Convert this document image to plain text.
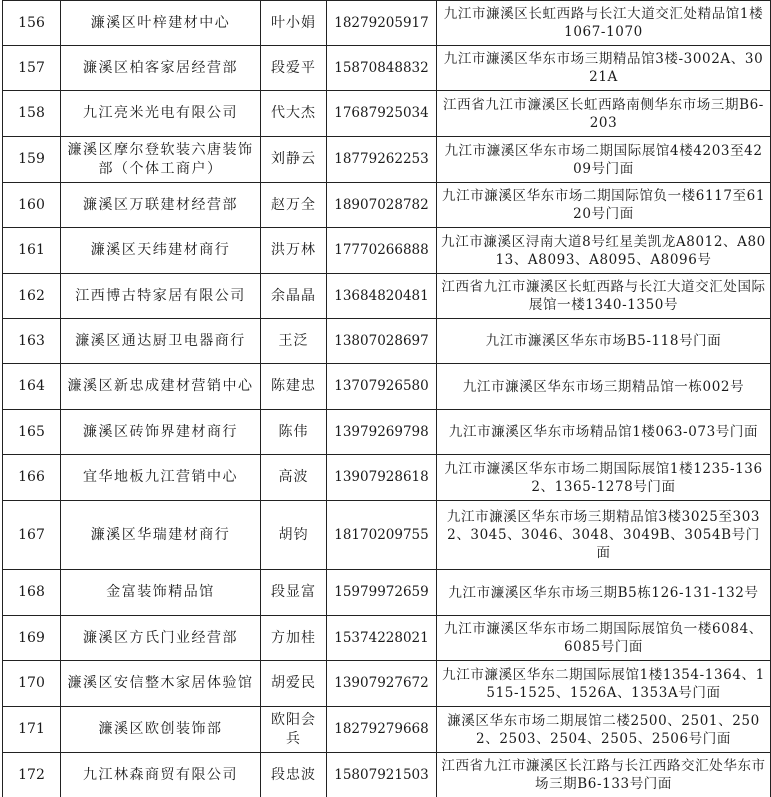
156	濂溪区叶梓建材中心	叶小娟	18279205917	九江市濂溪区长虹西路与长江大道交汇处精品馆1楼1067-1070
157	濂溪区柏客家居经营部	段爱平	15870848832	九江市濂溪区华东市场三期精品馆3楼-3002A、3021A
158	九江亮米光电有限公司	代大杰	17687925034	江西省九江市濂溪区长虹西路南侧华东市场三期B6-203
159	濂溪区摩尔登软装六唐装饰部（个体工商户）	刘静云	18779262253	九江市濂溪区华东市场二期国际展馆4楼4203至4209号门面
160	濂溪区万联建材经营部	赵万全	18907028782	九江市濂溪区华东市场二期国际馆负一楼6117至6120号门面
161	濂溪区天纬建材商行	洪万林	17770266888	九江市濂溪区浔南大道8号红星美凯龙A8012、A8013、A8093、A8095、A8096号
162	江西博古特家居有限公司	余晶晶	13684820481	江西省九江市濂溪区长虹西路与长江大道交汇处国际展馆一楼1340-1350号
163	濂溪区通达厨卫电器商行	王泛	13807028697	九江市濂溪区华东市场B5-118号门面
164	濂溪区新忠成建材营销中心	陈建忠	13707926580	九江市濂溪区华东市场三期精品馆一栋002号
165	濂溪区砖饰界建材商行	陈伟	13979269798	九江市濂溪区华东市场精品馆1楼063-073号门面
166	宜华地板九江营销中心	高波	13907928618	九江市濂溪区华东市场二期国际展馆1楼1235-1362、1365-1278号门面
167	濂溪区华瑞建材商行	胡钧	18170209755	九江市濂溪区华东市场三期精品馆3楼3025至3032、3045、3046、3048、3049B、3054B号门面
168	金富装饰精品馆	段显富	15979972659	九江市濂溪区华东市场三期B5栋126-131-132号
169	濂溪区方氏门业经营部	方加桂	15374228021	九江市濂溪区华东市场二期国际展馆负一楼6084、6085号门面
170	濂溪区安信整木家居体验馆	胡爱民	13907927672	九江市濂溪区华东二期国际展馆1楼1354-1364、1515-1525、1526A、1353A号门面
171	濂溪区欧创装饰部	欧阳会兵	18279279668	濂溪区华东市场二期展馆二楼2500、2501、2502、2503、2504、2505、2506号门面
172	九江林森商贸有限公司	段忠波	15807921503	江西省九江市濂溪区长江路与长江西路交汇处华东市场三期B6-133号门面
